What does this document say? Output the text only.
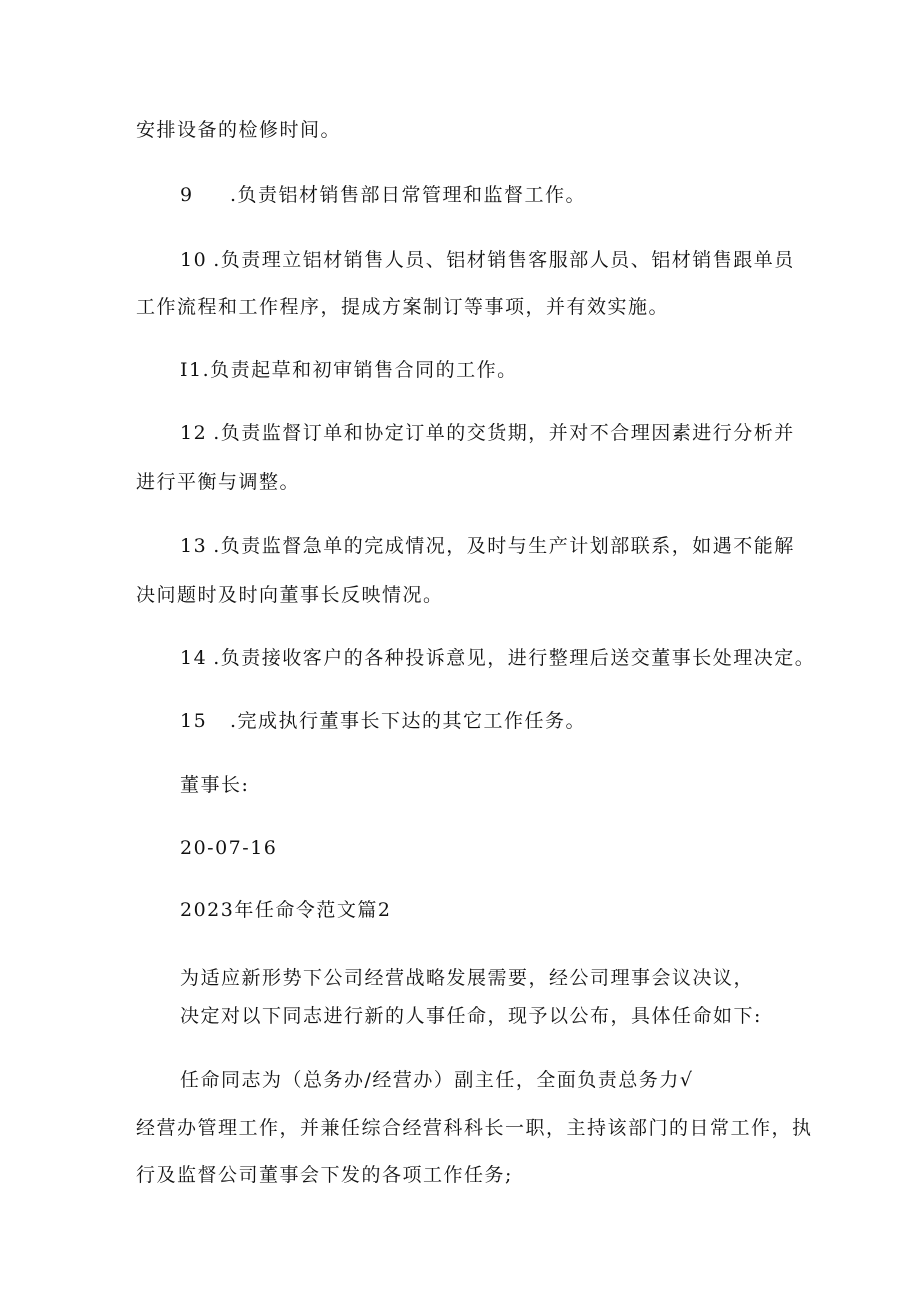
安排设备的检修时间。
9 .负责铝材销售部日常管理和监督工作。
10 .负责理立铝材销售人员、铝材销售客服部人员、铝材销售跟单员
工作流程和工作程序，提成方案制订等事项，并有效实施。
I1.负责起草和初审销售合同的工作。
12 .负责监督订单和协定订单的交货期，并对不合理因素进行分析并
进行平衡与调整。
13 .负责监督急单的完成情况，及时与生产计划部联系，如遇不能解
决问题时及时向董事长反映情况。
14 .负责接收客户的各种投诉意见，进行整理后送交董事长处理决定。
15 .完成执行董事长下达的其它工作任务。
董事长:
20-07-16
2023年任命令范文篇2
为适应新形势下公司经营战略发展需要，经公司理事会议决议，
决定对以下同志进行新的人事任命，现予以公布，具体任命如下:
任命同志为（总务办/经营办）副主任，全面负责总务力√
经营办管理工作，并兼任综合经营科科长一职，主持该部门的日常工作，执
行及监督公司董事会下发的各项工作任务;
